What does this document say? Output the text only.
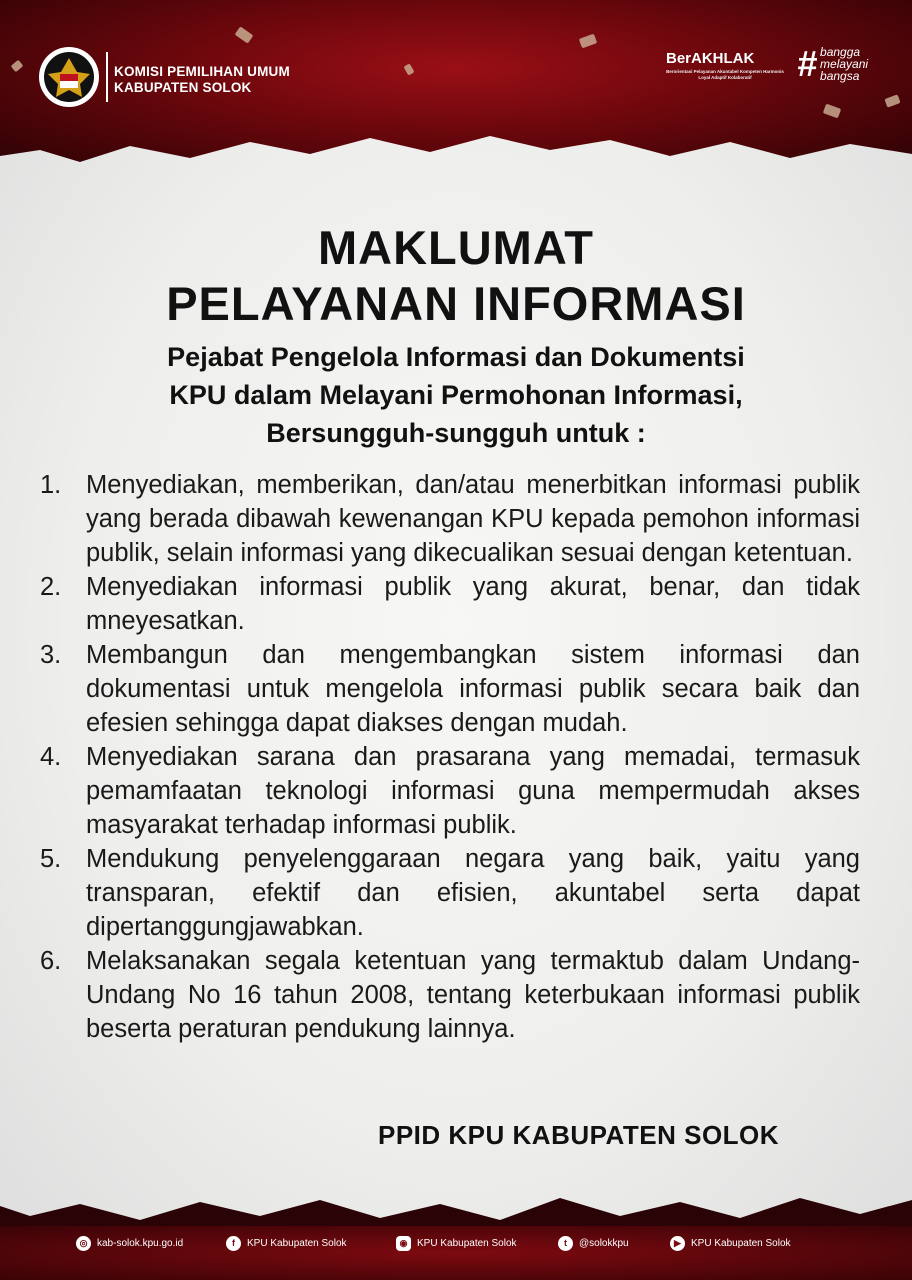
KOMISI PEMILIHAN UMUM
KABUPATEN SOLOK
BerAKHLAK
Berorientasi Pelayanan Akuntabel Kompeten Harmonis Loyal Adaptif Kolaboratif	# bangga
melayani
bangsa
MAKLUMAT
PELAYANAN INFORMASI
Pejabat Pengelola Informasi dan Dokumentsi
KPU dalam Melayani Permohonan Informasi,
Bersungguh-sungguh untuk :
1. Menyediakan, memberikan, dan/atau menerbitkan informasi publik yang berada dibawah kewenangan KPU kepada pemohon informasi publik, selain informasi yang dikecualikan sesuai dengan ketentuan.
2. Menyediakan informasi publik yang akurat, benar, dan tidak mneyesatkan.
3. Membangun dan mengembangkan sistem informasi dan dokumentasi untuk mengelola informasi publik secara baik dan efesien sehingga dapat diakses dengan mudah.
4. Menyediakan sarana dan prasarana yang memadai, termasuk pemamfaatan teknologi informasi guna mempermudah akses masyarakat terhadap informasi publik.
5. Mendukung penyelenggaraan negara yang baik, yaitu yang transparan, efektif dan efisien, akuntabel serta dapat dipertanggungjawabkan.
6. Melaksanakan segala ketentuan yang termaktub dalam Undang-Undang No 16 tahun 2008, tentang keterbukaan informasi publik beserta peraturan pendukung lainnya.
PPID KPU KABUPATEN SOLOK
◎ kab-solok.kpu.go.id	f	KPU Kabupaten Solok	◉ KPU Kabupaten Solok	t	@solokkpu	▶	KPU Kabupaten Solok
